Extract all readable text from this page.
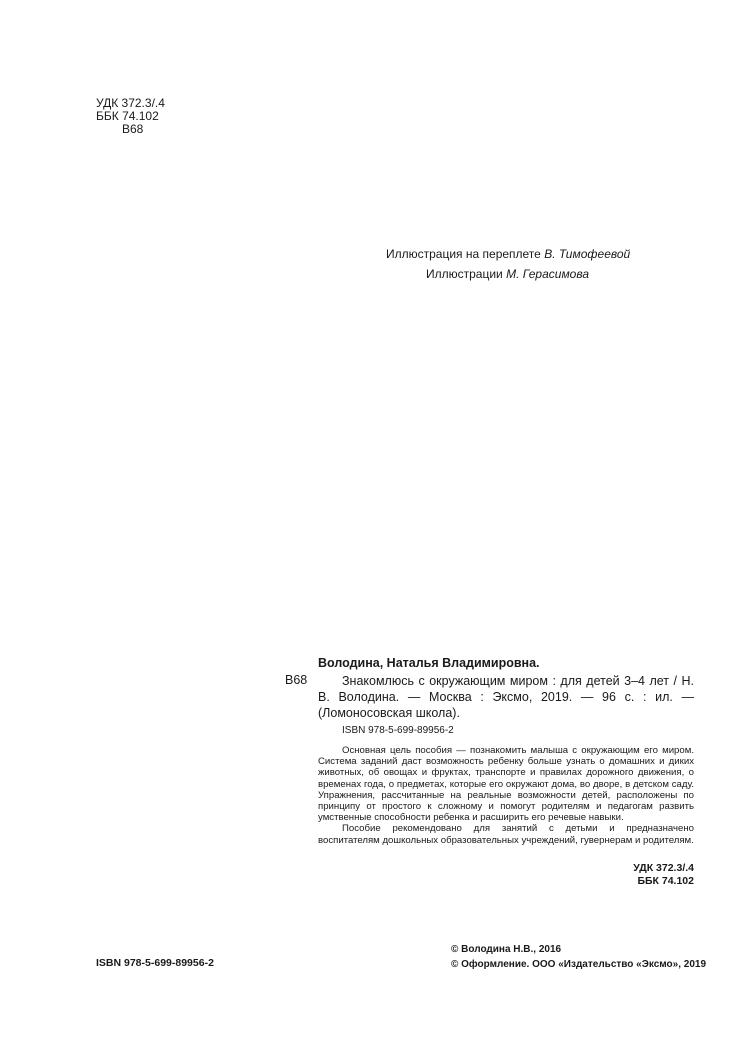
УДК 372.3/.4
ББК 74.102
В68
Иллюстрация на переплете В. Тимофеевой
Иллюстрации М. Герасимова
Володина, Наталья Владимировна.
В68	Знакомлюсь с окружающим миром : для детей 3–4 лет / Н. В. Володина. — Москва : Эксмо, 2019. — 96 с. : ил. — (Ломоносовская школа).
ISBN 978-5-699-89956-2

Основная цель пособия — познакомить малыша с окружающим его миром. Система заданий даст возможность ребенку больше узнать о домашних и диких животных, об овощах и фруктах, транспорте и правилах дорожного движения, о временах года, о предметах, которые его окружают дома, во дворе, в детском саду. Упражнения, рассчитанные на реальные возможности детей, расположены по принципу от простого к сложному и помогут родителям и педагогам развить умственные способности ребенка и расширить его речевые навыки.

Пособие рекомендовано для занятий с детьми и предназначено воспитателям дошкольных образовательных учреждений, гувернерам и родителям.

УДК 372.3/.4
ББК 74.102
© Володина Н.В., 2016
© Оформление. ООО «Издательство «Эксмо», 2019
ISBN 978-5-699-89956-2
